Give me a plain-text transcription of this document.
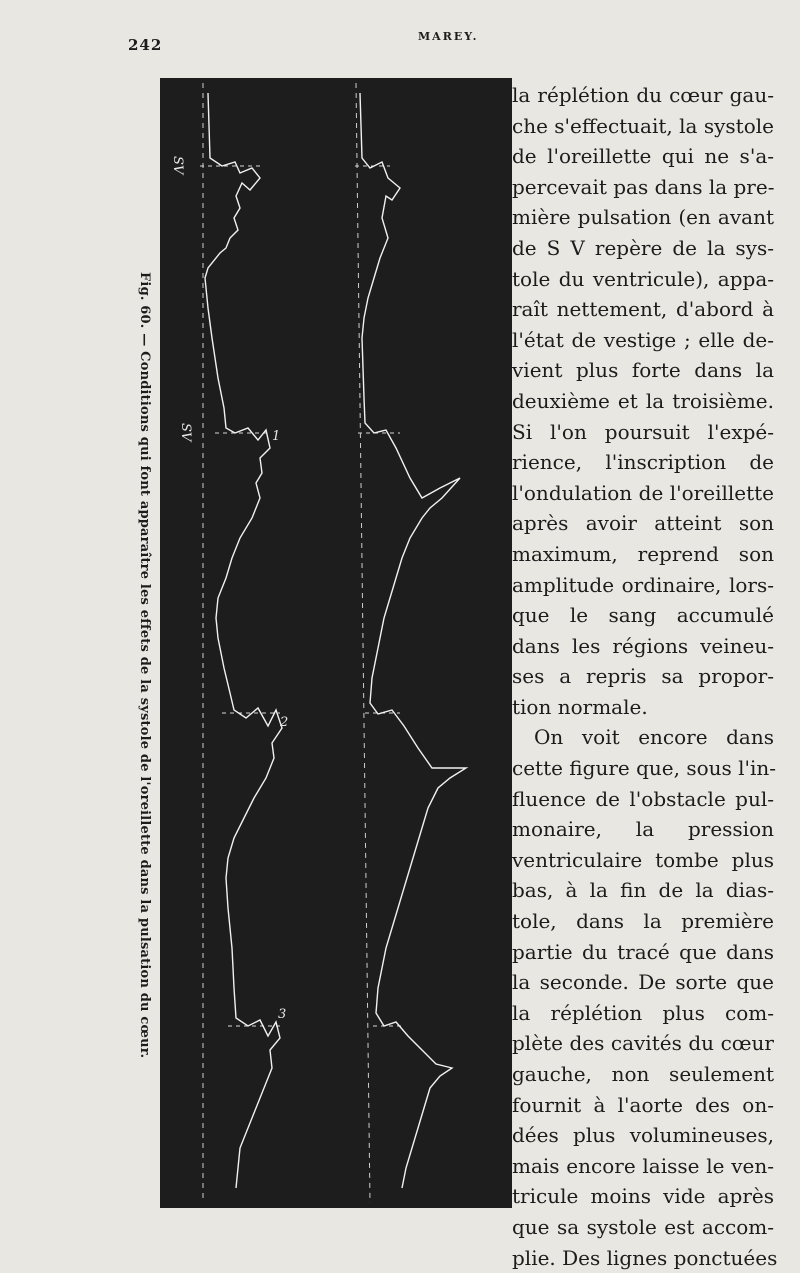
242	MAREY.
Fig. 60. — Conditions qui font apparaître les effets de la systole de l'oreillette dans la pulsation du cœur.
SV
SV	1
2
3
la réplétion du cœur gau-
che s'effectuait, la systole
de l'oreillette qui ne s'a-
percevait pas dans la pre-
mière pulsation (en avant
de S V repère de la sys-
tole du ventricule), appa-
raît nettement, d'abord à
l'état de vestige ; elle de-
vient plus forte dans la
deuxième et la troisième.
Si l'on poursuit l'expé-
rience, l'inscription de
l'ondulation de l'oreillette
après avoir atteint son
maximum, reprend son
amplitude ordinaire, lors-
que le sang accumulé
dans les régions veineu-
ses a repris sa propor-
tion normale.
On voit encore dans
cette figure que, sous l'in-
fluence de l'obstacle pul-
monaire, la pression
ventriculaire tombe plus
bas, à la fin de la dias-
tole, dans la première
partie du tracé que dans
la seconde. De sorte que
la réplétion plus com-
plète des cavités du cœur
gauche, non seulement
fournit à l'aorte des on-
dées plus volumineuses,
mais encore laisse le ven-
tricule moins vide après
que sa systole est accom-
plie. Des lignes ponctuées
